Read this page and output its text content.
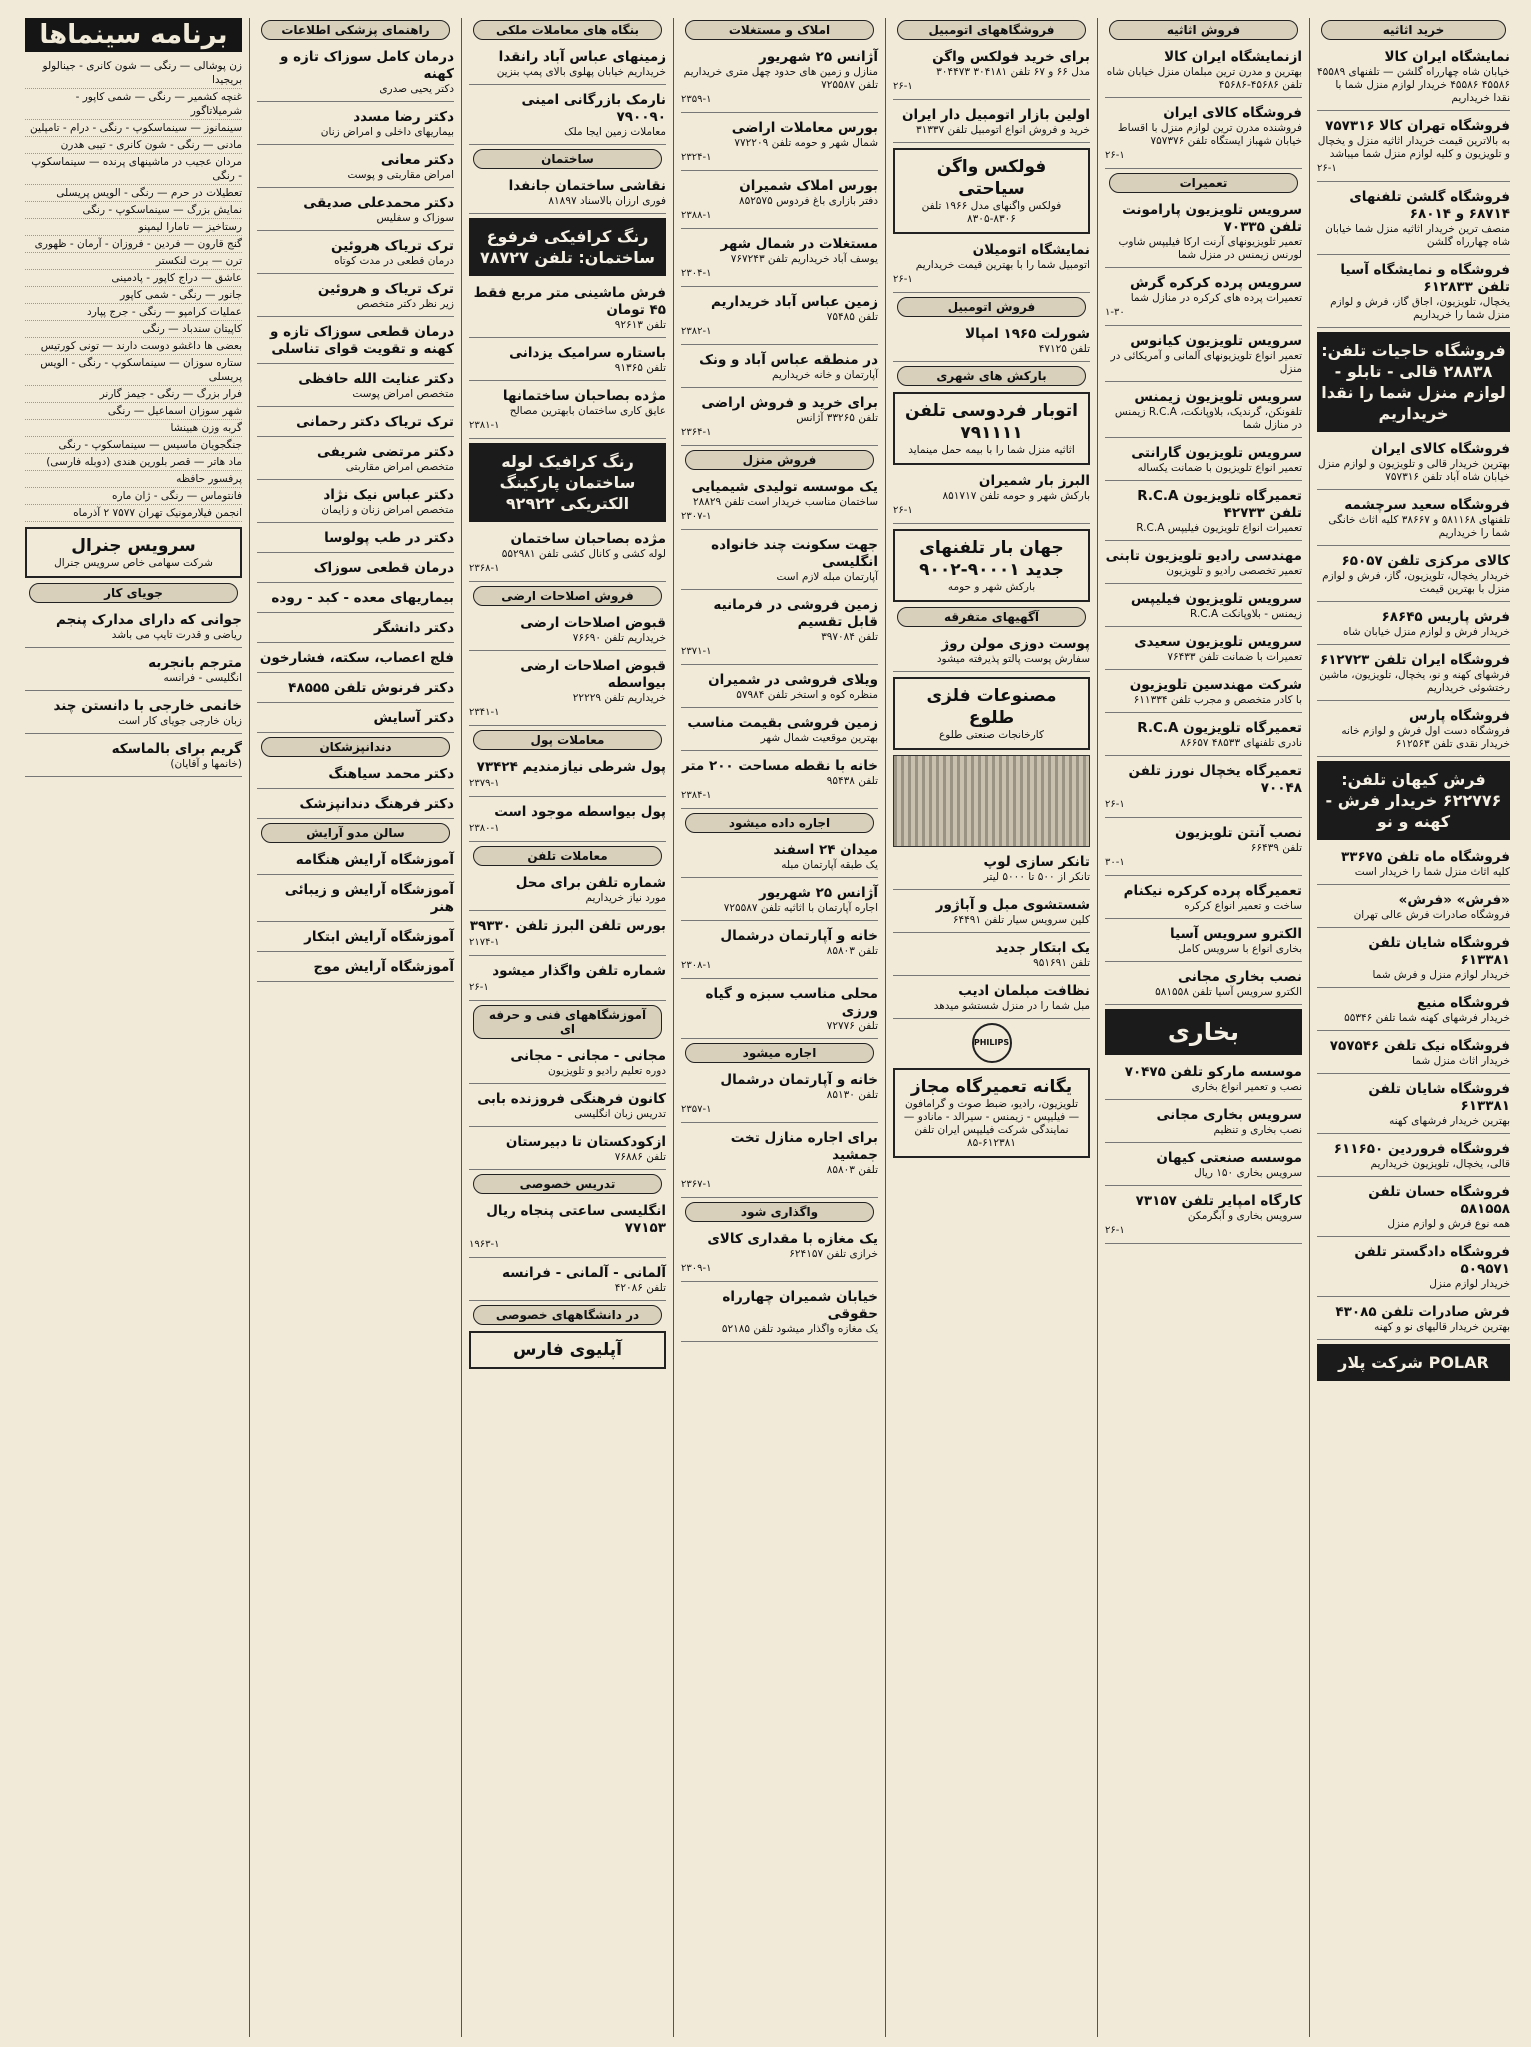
خرید اثاثیه
نمایشگاه ایران کالا
خیابان شاه چهارراه گلشن — تلفنهای ۴۵۵۸۹ ۴۵۵۸۶ ۴۵۵۸۶ خریدار لوازم منزل شما با نقدا خریداریم
فروشگاه تهران کالا ۷۵۷۳۱۶
به بالاترین قیمت خریدار اثاثیه منزل و یخچال و تلویزیون و کلیه لوازم منزل شما میباشد
۲۶-۱
فروشگاه گلشن تلفنهای ۶۸۷۱۴ و ۶۸۰۱۴
منصف ترین خریدار اثاثیه منزل شما خیابان شاه چهارراه گلشن
فروشگاه و نمایشگاه آسیا تلفن ۶۱۲۸۳۳
یخچال، تلویزیون، اجاق گاز، فرش و لوازم منزل شما را خریداریم
فروشگاه حاجیات تلفن: ۲۸۸۳۸ قالی - تابلو - لوازم منزل شما را نقدا خریداریم
فروشگاه کالای ایران
بهترین خریدار قالی و تلویزیون و لوازم منزل خیابان شاه آباد تلفن ۷۵۷۳۱۶
فروشگاه سعید سرچشمه
تلفنهای ۵۸۱۱۶۸ و ۳۸۶۶۷ کلیه اثاث خانگی شما را خریداریم
کالای مرکزی تلفن ۶۵۰۵۷
خریدار یخچال، تلویزیون، گاز، فرش و لوازم منزل با بهترین قیمت
فرش پاریس ۶۸۶۴۵
خریدار فرش و لوازم منزل خیابان شاه
فروشگاه ایران تلفن ۶۱۲۷۲۳
فرشهای کهنه و نو، یخچال، تلویزیون، ماشین رختشوئی خریداریم
فروشگاه پارس
فروشگاه دست اول فرش و لوازم خانه خریدار نقدی تلفن ۶۱۲۵۶۳
فرش کیهان تلفن: ۶۲۲۷۷۶ خریدار فرش - کهنه و نو
فروشگاه ماه تلفن ۳۳۶۷۵
کلیه اثاث منزل شما را خریدار است
«فرش» «فرش»
فروشگاه صادرات فرش عالی تهران
فروشگاه شایان تلفن ۶۱۳۳۸۱
خریدار لوازم منزل و فرش شما
فروشگاه منیع
خریدار فرشهای کهنه شما تلفن ۵۵۳۴۶
فروشگاه نیک تلفن ۷۵۷۵۴۶
خریدار اثاث منزل شما
فروشگاه شایان تلفن ۶۱۳۳۸۱
بهترین خریدار فرشهای کهنه
فروشگاه فروردین ۶۱۱۶۵۰
قالی، یخچال، تلویزیون خریداریم
فروشگاه حسان تلفن ۵۸۱۵۵۸
همه نوع فرش و لوازم منزل
فروشگاه دادگستر تلفن ۵۰۹۵۷۱
خریدار لوازم منزل
فرش صادرات تلفن ۴۳۰۸۵
بهترین خریدار قالیهای نو و کهنه
POLAR شرکت پلار
فروش اثاثیه
ازنمایشگاه ایران کالا
بهترین و مدرن ترین مبلمان منزل خیابان شاه تلفن ۴۵۶۸۶-۴۵۶۸۶
فروشگاه کالای ایران
فروشنده مدرن ترین لوازم منزل با اقساط خیابان شهباز ایستگاه تلفن ۷۵۷۳۷۶
۲۶-۱
تعمیرات
سرویس تلویزیون پارامونت تلفن ۷۰۳۳۵
تعمیر تلویزیونهای آرنت ارکا فیلیپس شاوب لورنس زیمنس در منزل شما
سرویس پرده کرکره گرش
تعمیرات پرده های کرکره در منازل شما
۱-۳۰
سرویس تلویزیون کیانوس
تعمیر انواع تلویزیونهای آلمانی و آمریکائی در منزل
سرویس تلویزیون زیمنس
تلفونکن، گرندیک، بلاوپانکت، R.C.A زیمنس در منازل شما
سرویس تلویزیون گارانتی
تعمیر انواع تلویزیون با ضمانت یکساله
تعمیرگاه تلویزیون R.C.A تلفن ۴۲۷۳۳
تعمیرات انواع تلویزیون فیلیپس R.C.A
مهندسی رادیو تلویزیون تابنی
تعمیر تخصصی رادیو و تلویزیون
سرویس تلویزیون فیلیپس
زیمنس - بلاوپانکت R.C.A
سرویس تلویزیون سعیدی
تعمیرات با ضمانت تلفن ۷۶۴۳۳
شرکت مهندسین تلویزیون
با کادر متخصص و مجرب تلفن ۶۱۱۳۳۴
تعمیرگاه تلویزیون R.C.A
نادری تلفنهای ۴۸۵۳۳ ۸۶۶۵۷
تعمیرگاه یخچال نورز تلفن ۷۰۰۴۸
۲۶-۱
نصب آنتن تلویزیون
تلفن ۶۶۴۳۹
۳۰-۱
تعمیرگاه پرده کرکره نیکنام
ساخت و تعمیر انواع کرکره
الکترو سرویس آسیا
بخاری انواع با سرویس کامل
نصب بخاری مجانی
الکترو سرویس آسیا تلفن ۵۸۱۵۵۸
بخاری
موسسه مارکو تلفن ۷۰۴۷۵
نصب و تعمیر انواع بخاری
سرویس بخاری مجانی
نصب بخاری و تنظیم
موسسه صنعتی کیهان
سرویس بخاری ۱۵۰ ریال
کارگاه امپایر تلفن ۷۳۱۵۷
سرویس بخاری و آبگرمکن
۲۶-۱
فروشگاههای اتومبیل
برای خرید فولکس واگن
مدل ۶۶ و ۶۷ تلفن ۳۰۴۱۸۱ ۳۰۴۴۷۳
۲۶-۱
اولین بازار اتومبیل دار ایران
خرید و فروش انواع اتومبیل تلفن ۳۱۳۳۷
فولکس واگن سیاحتی
فولکس واگنهای مدل ۱۹۶۶ تلفن ۸۳۰۶-۸۳۰۵
نمایشگاه اتومیلان
اتومبیل شما را با بهترین قیمت خریداریم
۲۶-۱
فروش اتومبیل
شورلت ۱۹۶۵ امپالا
تلفن ۴۷۱۲۵
بارکش های شهری
اتوبار فردوسی تلفن ۷۹۱۱۱۱
اثاثیه منزل شما را با بیمه حمل مینماید
البرز بار شمیران
بارکش شهر و حومه تلفن ۸۵۱۷۱۷
۲۶-۱
جهان بار تلفنهای جدید ۹۰۰۰۱-۹۰۰۲
بارکش شهر و حومه
آگهیهای متفرقه
پوست دوزی مولن روژ
سفارش پوست پالتو پذیرفته میشود
مصنوعات فلزی طلوع
کارخانجات صنعتی طلوع
تانکر سازی لوپ
تانکر از ۵۰۰ تا ۵۰۰۰ لیتر
شستشوی مبل و آباژور
کلین سرویس سیار تلفن ۶۴۴۹۱
یک ابتکار جدید
تلفن ۹۵۱۶۹۱
نظافت مبلمان ادیب
مبل شما را در منزل شستشو میدهد
PHILIPS
یگانه تعمیرگاه مجاز
تلویزیون، رادیو، ضبط صوت و گرامافون — فیلیپس - زیمنس - سیرالد - مانادو — نمایندگی شرکت فیلیپس ایران تلفن ۶۱۲۳۸۱-۸۵
املاک و مستغلات
آژانس ۲۵ شهریور
منازل و زمین های حدود چهل متری خریداریم تلفن ۷۲۵۵۸۷
۲۳۵۹-۱
بورس معاملات اراضی
شمال شهر و حومه تلفن ۷۷۲۲۰۹
۲۳۲۴-۱
بورس املاک شمیران
دفتر بازاری باغ فردوس ۸۵۲۵۷۵
۲۳۸۸-۱
مستغلات در شمال شهر
یوسف آباد خریداریم تلفن ۷۶۷۲۴۳
۲۳۰۴-۱
زمین عباس آباد خریداریم
تلفن ۷۵۴۸۵
۲۳۸۲-۱
در منطقه عباس آباد و ونک
آپارتمان و خانه خریداریم
برای خرید و فروش اراضی
تلفن ۳۳۲۶۵ آژانس
۲۳۶۴-۱
فروش منزل
یک موسسه تولیدی شیمیایی
ساختمان مناسب خریدار است تلفن ۲۸۸۲۹
۲۳۰۷-۱
جهت سکونت چند خانواده انگلیسی
آپارتمان مبله لازم است
زمین فروشی در فرمانیه قابل تقسیم
تلفن ۳۹۷۰۸۴
۲۳۷۱-۱
ویلای فروشی در شمیران
منظره کوه و استخر تلفن ۵۷۹۸۴
زمین فروشی بقیمت مناسب
بهترین موقعیت شمال شهر
خانه با نقطه مساحت ۲۰۰ متر
تلفن ۹۵۴۳۸
۲۳۸۴-۱
اجاره داده میشود
میدان ۲۴ اسفند
یک طبقه آپارتمان مبله
آژانس ۲۵ شهریور
اجاره آپارتمان با اثاثیه تلفن ۷۲۵۵۸۷
خانه و آپارتمان درشمال
تلفن ۸۵۸۰۳
۲۳۰۸-۱
محلی مناسب سبزه و گیاه ورزی
تلفن ۷۲۷۷۶
اجاره میشود
خانه و آپارتمان درشمال
تلفن ۸۵۱۳۰
۲۳۵۷-۱
برای اجاره منازل تخت جمشید
تلفن ۸۵۸۰۳
۲۳۶۷-۱
واگذاری شود
یک مغازه با مقداری کالای
خرازی تلفن ۶۲۴۱۵۷
۲۳۰۹-۱
خیابان شمیران چهارراه حقوقی
یک مغازه واگذار میشود تلفن ۵۲۱۸۵
بنگاه های معاملات ملکی
زمینهای عباس آباد رانقدا
خریداریم خیابان پهلوی بالای پمپ بنزین
نارمک بازرگانی امینی ۷۹۰۰۹۰
معاملات زمین ایجا ملک
ساختمان
نقاشی ساختمان جانفدا
فوری ارزان بالاسناد ۸۱۸۹۷
رنگ کرافیکی فرفوع ساختمان: تلفن ۷۸۷۲۷
فرش ماشینی متر مربع فقط ۴۵ تومان
تلفن ۹۲۶۱۳
باستاره سرامیک یزدانی
تلفن ۹۱۳۶۵
مژده بصاحبان ساختمانها
عایق کاری ساختمان بابهترین مصالح
۲۳۸۱-۱
رنگ کرافیک لوله ساختمان پارکینگ الکتریکی ۹۲۹۲۲
مژده بصاحبان ساختمان
لوله کشی و کانال کشی تلفن ۵۵۲۹۸۱
۲۳۶۸-۱
فروش اصلاحات ارضی
قبوض اصلاحات ارضی
خریداریم تلفن ۷۶۶۹۰
قبوض اصلاحات ارضی بیواسطه
خریداریم تلفن ۲۲۲۲۹
۲۳۴۱-۱
معاملات پول
پول شرطی نیازمندیم ۷۳۴۲۴
۲۳۷۹-۱
پول بیواسطه موجود است
۲۳۸۰-۱
معاملات تلفن
شماره تلفن برای محل
مورد نیاز خریداریم
بورس تلفن البرز تلفن ۳۹۳۳۰
۲۱۷۴-۱
شماره تلفن واگذار میشود
۲۶-۱
آموزشگاههای فنی و حرفه ای
مجانی - مجانی - مجانی
دوره تعلیم رادیو و تلویزیون
کانون فرهنگی فروزنده بابی
تدریس زبان انگلیسی
ازکودکستان تا دبیرستان
تلفن ۷۶۸۸۶
تدریس خصوصی
انگلیسی ساعتی پنجاه ریال ۷۷۱۵۳
۱۹۶۳-۱
آلمانی - آلمانی - فرانسه
تلفن ۴۲۰۸۶
در دانشگاههای خصوصی
آپلیوی فارس
راهنمای پزشکی اطلاعات
درمان کامل سوزاک تازه و کهنه
دکتر یحیی صدری
دکتر رضا مسدد
بیماریهای داخلی و امراض زنان
دکتر معانی
امراض مقاربتی و پوست
دکتر محمدعلی صدیقی
سوزاک و سفلیس
ترک تریاک هروئین
درمان قطعی در مدت کوتاه
ترک تریاک و هروئین
زیر نظر دکتر متخصص
درمان قطعی سوزاک تازه و کهنه و تقویت قوای تناسلی
دکتر عنایت الله حافظی
متخصص امراض پوست
ترک تریاک دکتر رحمانی
دکتر مرتضی شریفی
متخصص امراض مقاربتی
دکتر عباس نیک نژاد
متخصص امراض زنان و زایمان
دکتر در طب پولوسا
درمان قطعی سوزاک
بیماریهای معده - کبد - روده
دکتر دانشگر
فلج اعصاب، سکته، فشارخون
دکتر فرنوش تلفن ۴۸۵۵۵
دکتر آسایش
دندانپزشکان
دکتر محمد سیاهنگ
دکتر فرهنگ دندانپزشک
سالن مدو آرایش
آموزشگاه آرایش هنگامه
آموزشگاه آرایش و زیبائی هنر
آموزشگاه آرایش ابتکار
آموزشگاه آرایش موج
برنامه سینماها
زن پوشالی — رنگی — شون کانری - جینالولو بریجیدا
غنچه کشمیر — رنگی — شمی کاپور - شرمیلاتاگور
سینمانوز — سینماسکوپ - رنگی - درام - تامپلین
مادنی — رنگی - شون کانری - تیبی هدرن
مردان عجیب در ماشینهای پرنده — سینماسکوپ - رنگی
تعطیلات در حرم — رنگی - الویس پریسلی
نمایش بزرگ — سینماسکوپ - رنگی
رستاخیز — تامارا لیمپنو
گنج قارون — فردین - فروزان - آرمان - ظهوری
ترن — برت لنکستر
عاشق — دراج کاپور - پادمینی
جانور — رنگی - شمی کاپور
عملیات کرامپو — رنگی - جرج پپارد
کاپیتان سندباد — رنگی
بعضی ها داغشو دوست دارند — تونی کورتیس
ستاره سوزان — سینماسکوپ - رنگی - الویس پریسلی
فرار بزرگ — رنگی - جیمز گارنر
شهر سوزان اسماعیل — رنگی
گربه وزن هبینشا
جنگجویان ماسیس — سینماسکوپ - رنگی
ماد هاتر — قصر بلورین هندی (دوبله فارسی)
پرفسور حافظه
فانتوماس — رنگی - ژان ماره
انجمن فیلارمونیک تهران ۷۵۷۷ ۲ آذرماه
سرویس جنرال
شرکت سهامی خاص سرویس جنرال
جویای کار
جوانی که دارای مدارک پنجم
ریاضی و قدرت تایپ می باشد
مترجم بانجربه
انگلیسی - فرانسه
خانمی خارجی با دانستن چند
زبان خارجی جویای کار است
گریم برای بالماسکه
(خانمها و آقایان)
